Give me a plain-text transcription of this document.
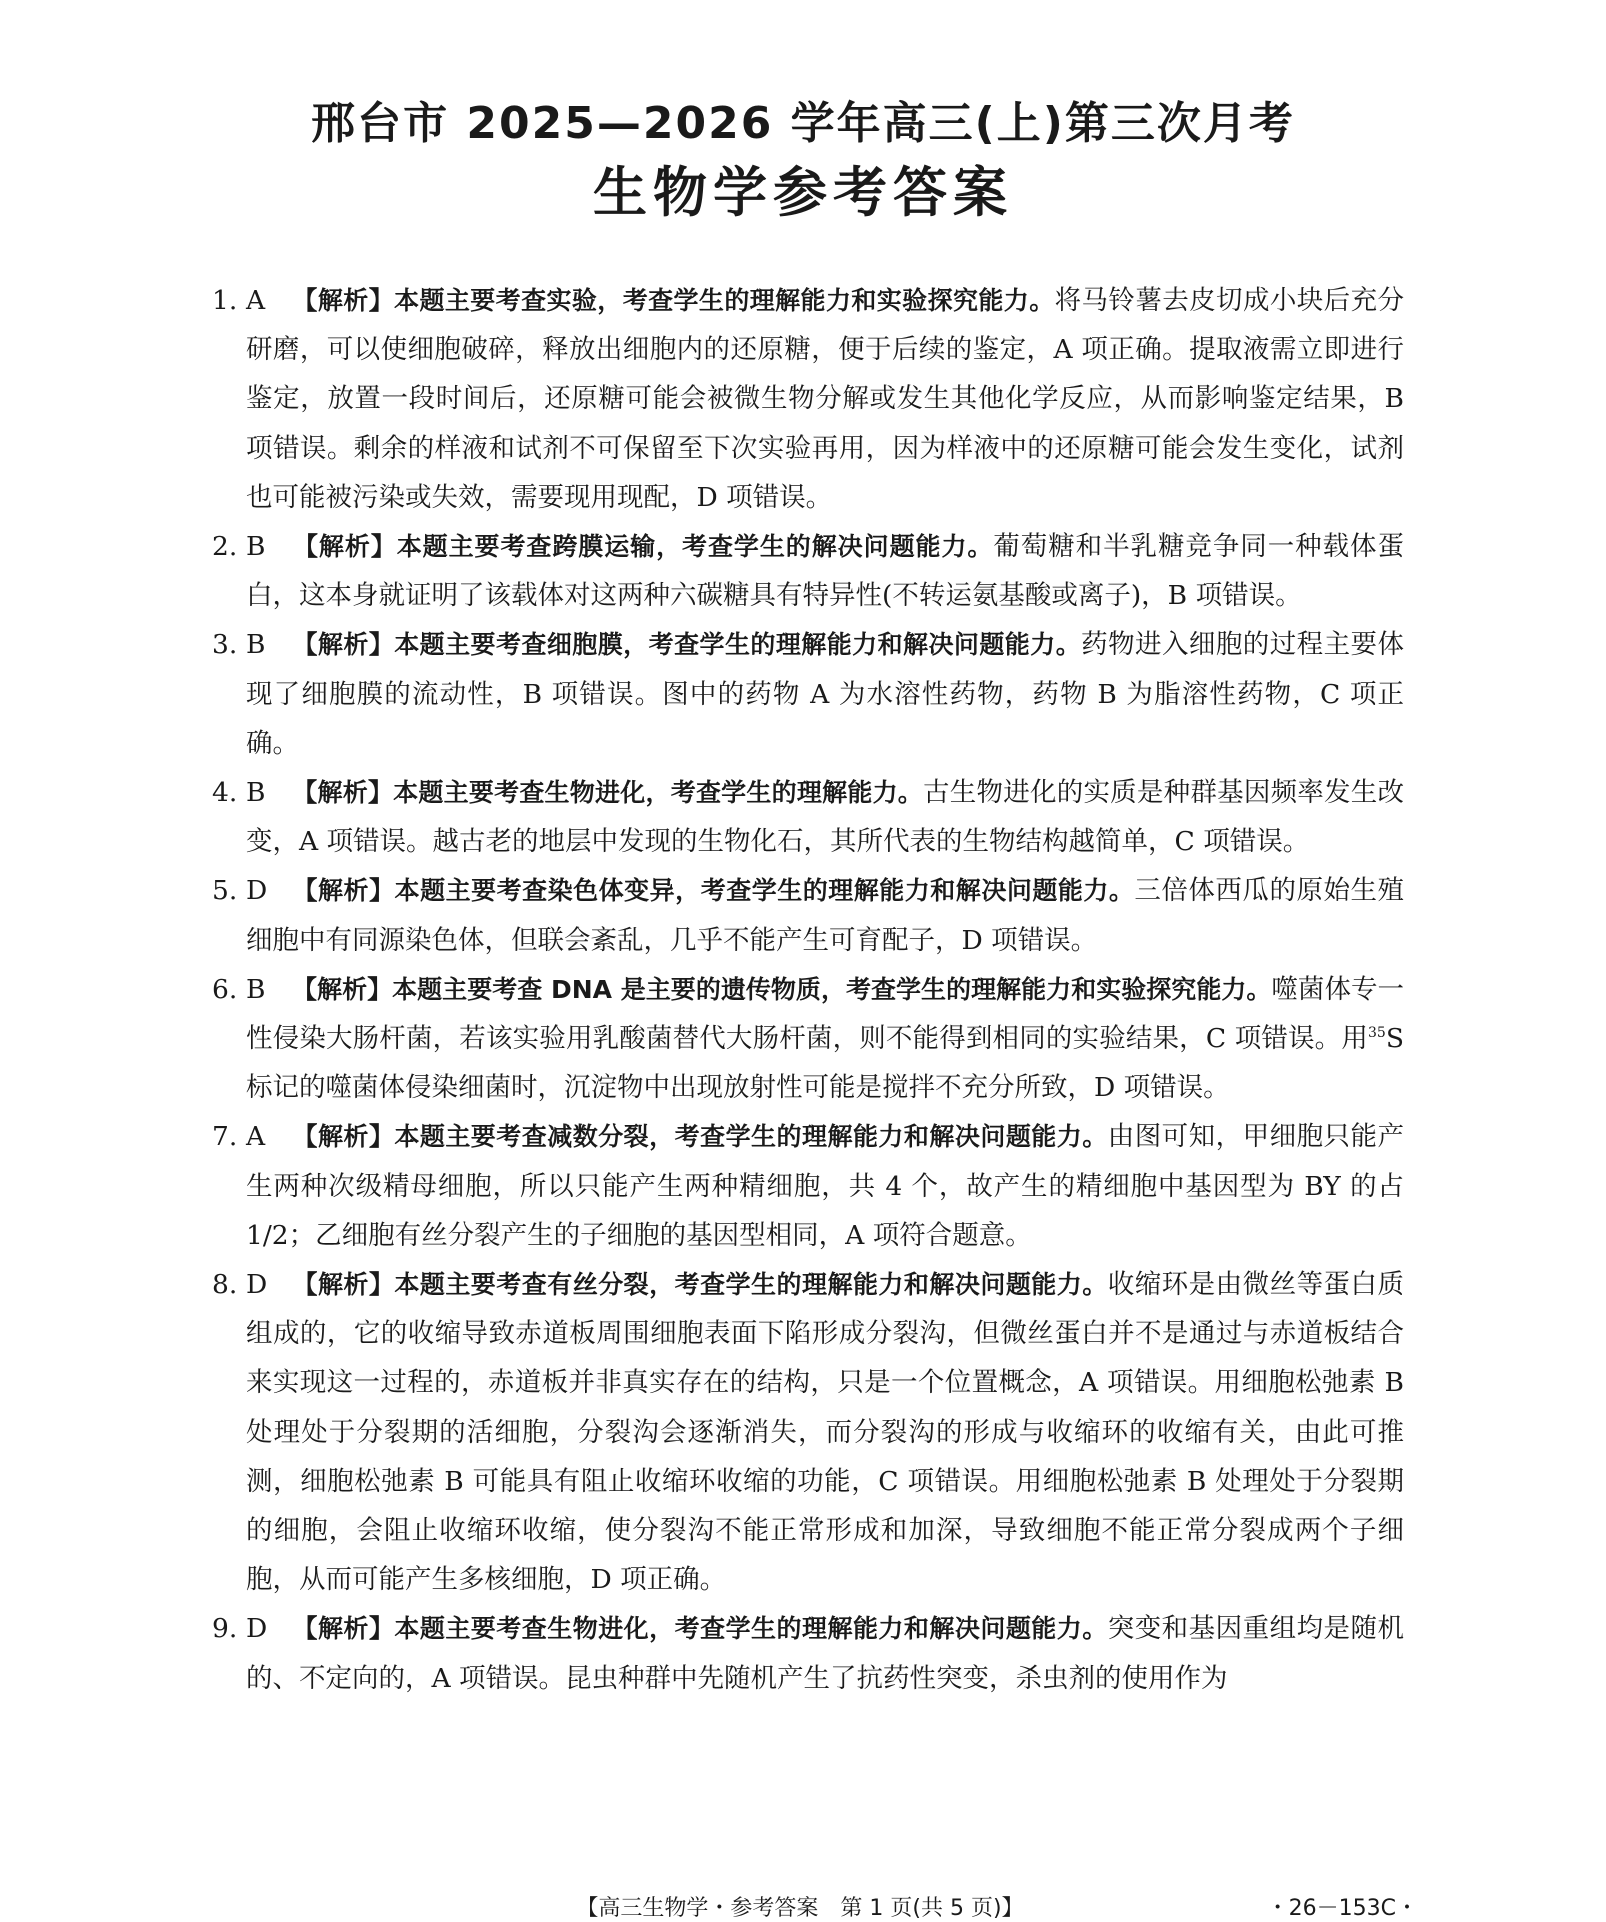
邢台市 2025—2026 学年高三(上)第三次月考
生物学参考答案
1. A 【解析】本题主要考查实验，考查学生的理解能力和实验探究能力。将马铃薯去皮切成小块后充分研磨，可以使细胞破碎，释放出细胞内的还原糖，便于后续的鉴定，A 项正确。提取液需立即进行鉴定，放置一段时间后，还原糖可能会被微生物分解或发生其他化学反应，从而影响鉴定结果，B 项错误。剩余的样液和试剂不可保留至下次实验再用，因为样液中的还原糖可能会发生变化，试剂也可能被污染或失效，需要现用现配，D 项错误。
2. B 【解析】本题主要考查跨膜运输，考查学生的解决问题能力。葡萄糖和半乳糖竞争同一种载体蛋白，这本身就证明了该载体对这两种六碳糖具有特异性(不转运氨基酸或离子)，B 项错误。
3. B 【解析】本题主要考查细胞膜，考查学生的理解能力和解决问题能力。药物进入细胞的过程主要体现了细胞膜的流动性，B 项错误。图中的药物 A 为水溶性药物，药物 B 为脂溶性药物，C 项正确。
4. B 【解析】本题主要考查生物进化，考查学生的理解能力。古生物进化的实质是种群基因频率发生改变，A 项错误。越古老的地层中发现的生物化石，其所代表的生物结构越简单，C 项错误。
5. D 【解析】本题主要考查染色体变异，考查学生的理解能力和解决问题能力。三倍体西瓜的原始生殖细胞中有同源染色体，但联会紊乱，几乎不能产生可育配子，D 项错误。
6. B 【解析】本题主要考查 DNA 是主要的遗传物质，考查学生的理解能力和实验探究能力。噬菌体专一性侵染大肠杆菌，若该实验用乳酸菌替代大肠杆菌，则不能得到相同的实验结果，C 项错误。用$^{35}$S 标记的噬菌体侵染细菌时，沉淀物中出现放射性可能是搅拌不充分所致，D 项错误。
7. A 【解析】本题主要考查减数分裂，考查学生的理解能力和解决问题能力。由图可知，甲细胞只能产生两种次级精母细胞，所以只能产生两种精细胞，共 4 个，故产生的精细胞中基因型为 BY 的占 1/2；乙细胞有丝分裂产生的子细胞的基因型相同，A 项符合题意。
8. D 【解析】本题主要考查有丝分裂，考查学生的理解能力和解决问题能力。收缩环是由微丝等蛋白质组成的，它的收缩导致赤道板周围细胞表面下陷形成分裂沟，但微丝蛋白并不是通过与赤道板结合来实现这一过程的，赤道板并非真实存在的结构，只是一个位置概念，A 项错误。用细胞松弛素 B 处理处于分裂期的活细胞，分裂沟会逐渐消失，而分裂沟的形成与收缩环的收缩有关，由此可推测，细胞松弛素 B 可能具有阻止收缩环收缩的功能，C 项错误。用细胞松弛素 B 处理处于分裂期的细胞，会阻止收缩环收缩，使分裂沟不能正常形成和加深，导致细胞不能正常分裂成两个子细胞，从而可能产生多核细胞，D 项正确。
9. D 【解析】本题主要考查生物进化，考查学生的理解能力和解决问题能力。突变和基因重组均是随机的、不定向的，A 项错误。昆虫种群中先随机产生了抗药性突变，杀虫剂的使用作为
【高三生物学・参考答案　第 1 页(共 5 页)】	・26－153C・
